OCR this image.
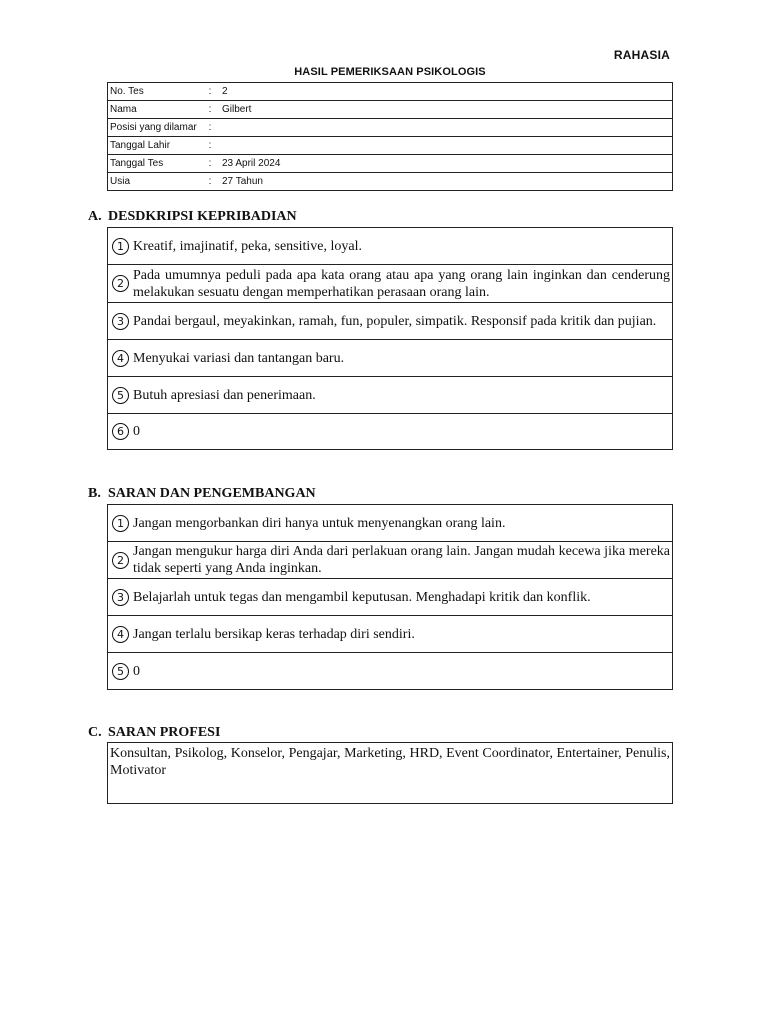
RAHASIA
HASIL PEMERIKSAAN PSIKOLOGIS
No. Tes	:	2
Nama	:	Gilbert

Posisi yang dilamar	:	
Tanggal Lahir	:	
Tanggal Tes	:	23 April 2024
Usia	:	27 Tahun
A. DESDKRIPSI KEPRIBADIAN
1 Kreatif, imajinatif, peka, sensitive, loyal.
2
Pada umumnya peduli pada apa kata orang atau apa yang orang lain inginkan dan cenderung melakukan sesuatu dengan memperhatikan perasaan orang lain.
3 Pandai bergaul, meyakinkan, ramah, fun, populer, simpatik. Responsif pada kritik dan pujian.
4 Menyukai variasi dan tantangan baru.
5 Butuh apresiasi dan penerimaan.
6 0
B. SARAN DAN PENGEMBANGAN
1 Jangan mengorbankan diri hanya untuk menyenangkan orang lain.
2
Jangan mengukur harga diri Anda dari perlakuan orang lain. Jangan mudah kecewa jika mereka tidak seperti yang Anda inginkan.
3 Belajarlah untuk tegas dan mengambil keputusan. Menghadapi kritik dan konflik.
4 Jangan terlalu bersikap keras terhadap diri sendiri.
5 0
C. SARAN PROFESI
Konsultan, Psikolog, Konselor, Pengajar, Marketing, HRD, Event Coordinator, Entertainer, Penulis, Motivator
